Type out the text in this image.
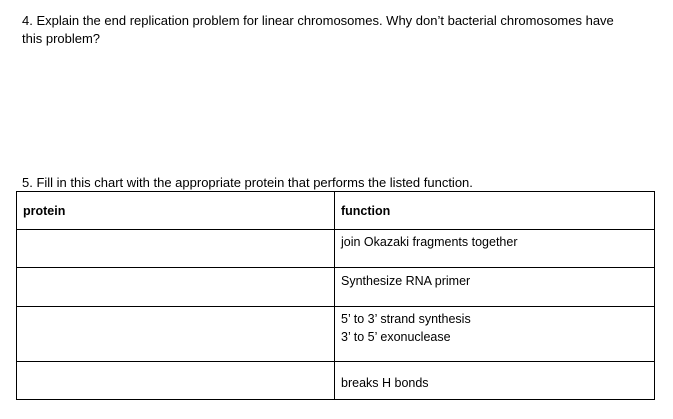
4. Explain the end replication problem for linear chromosomes. Why don’t bacterial chromosomes have
this problem?
5. Fill in this chart with the appropriate protein that performs the listed function.
protein	function

	join Okazaki fragments together

	Synthesize RNA primer

	5’ to 3’ strand synthesis
3’ to 5’ exonuclease

	breaks H bonds
